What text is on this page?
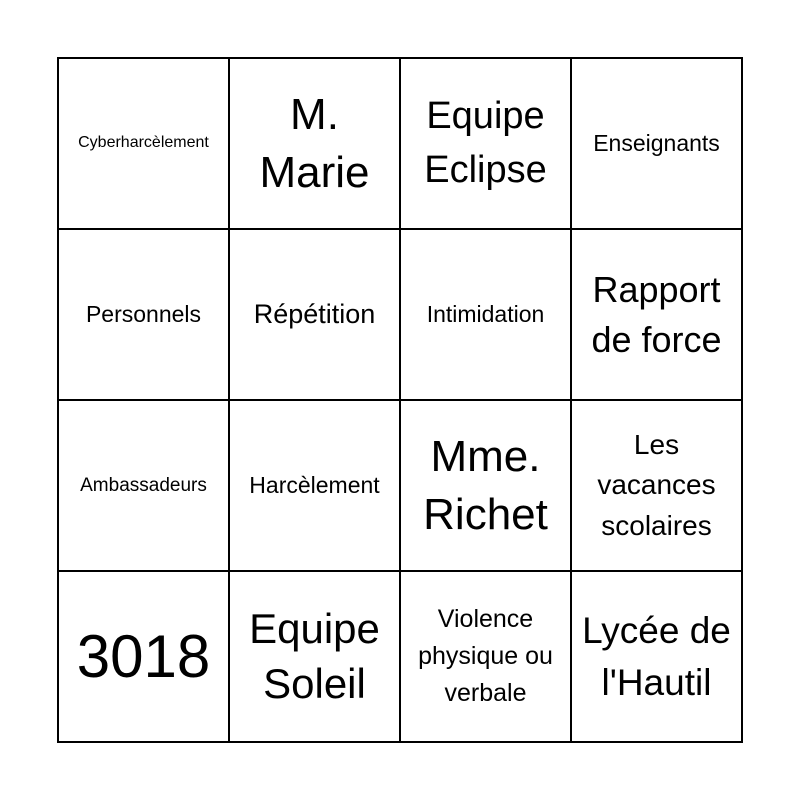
Cyberharcèlement
M. Marie
Equipe Eclipse
Enseignants
Personnels Répétition Intimidation
Rapport de force
Ambassadeurs Harcèlement
Mme. Richet
Les vacances scolaires
3018 Equipe Soleil
Violence physique ou verbale
Lycée de l'Hautil
